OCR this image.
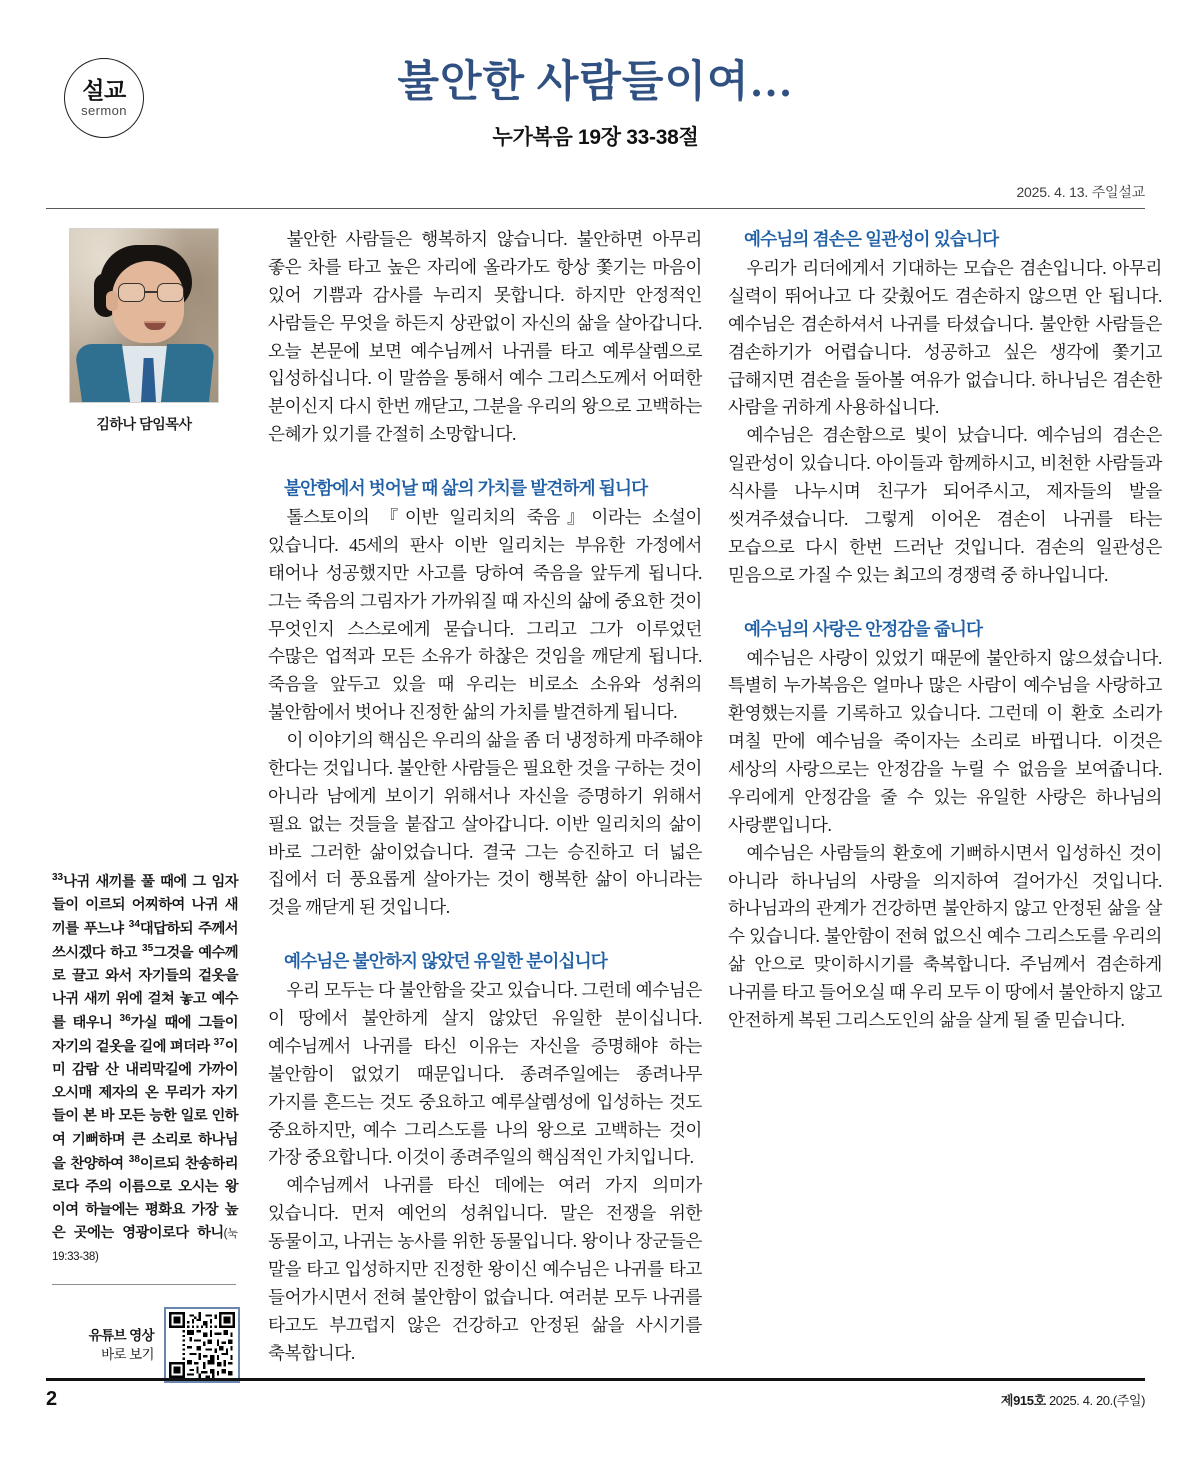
설교
sermon
불안한 사람들이여…
누가복음 19장 33-38절
2025. 4. 13. 주일설교
김하나 담임목사
$^{33}$나귀 새끼를 풀 때에 그 임자들이 이르되 어찌하여 나귀 새끼를 푸느냐 $^{34}$대답하되 주께서 쓰시겠다 하고 $^{35}$그것을 예수께로 끌고 와서 자기들의 겉옷을 나귀 새끼 위에 걸쳐 놓고 예수를 태우니 $^{36}$가실 때에 그들이 자기의 겉옷을 길에 펴더라 $^{37}$이미 감람 산 내리막길에 가까이 오시매 제자의 온 무리가 자기들이 본 바 모든 능한 일로 인하여 기뻐하며 큰 소리로 하나님을 찬양하여 $^{38}$이르되 찬송하리로다 주의 이름으로 오시는 왕이여 하늘에는 평화요 가장 높은 곳에는 영광이로다 하니(눅 19:33-38)
유튜브 영상
바로 보기

불안한 사람들은 행복하지 않습니다. 불안하면 아무리 좋은 차를 타고 높은 자리에 올라가도 항상 쫓기는 마음이 있어 기쁨과 감사를 누리지 못합니다. 하지만 안정적인 사람들은 무엇을 하든지 상관없이 자신의 삶을 살아갑니다. 오늘 본문에 보면 예수님께서 나귀를 타고 예루살렘으로 입성하십니다. 이 말씀을 통해서 예수 그리스도께서 어떠한 분이신지 다시 한번 깨닫고, 그분을 우리의 왕으로 고백하는 은혜가 있기를 간절히 소망합니다.

불안함에서 벗어날 때 삶의 가치를 발견하게 됩니다

톨스토이의 『이반 일리치의 죽음』이라는 소설이 있습니다. 45세의 판사 이반 일리치는 부유한 가정에서 태어나 성공했지만 사고를 당하여 죽음을 앞두게 됩니다. 그는 죽음의 그림자가 가까워질 때 자신의 삶에 중요한 것이 무엇인지 스스로에게 묻습니다. 그리고 그가 이루었던 수많은 업적과 모든 소유가 하찮은 것임을 깨닫게 됩니다. 죽음을 앞두고 있을 때 우리는 비로소 소유와 성취의 불안함에서 벗어나 진정한 삶의 가치를 발견하게 됩니다.

이 이야기의 핵심은 우리의 삶을 좀 더 냉정하게 마주해야 한다는 것입니다. 불안한 사람들은 필요한 것을 구하는 것이 아니라 남에게 보이기 위해서나 자신을 증명하기 위해서 필요 없는 것들을 붙잡고 살아갑니다. 이반 일리치의 삶이 바로 그러한 삶이었습니다. 결국 그는 승진하고 더 넓은 집에서 더 풍요롭게 살아가는 것이 행복한 삶이 아니라는 것을 깨닫게 된 것입니다.

예수님은 불안하지 않았던 유일한 분이십니다

우리 모두는 다 불안함을 갖고 있습니다. 그런데 예수님은 이 땅에서 불안하게 살지 않았던 유일한 분이십니다. 예수님께서 나귀를 타신 이유는 자신을 증명해야 하는 불안함이 없었기 때문입니다. 종려주일에는 종려나무 가지를 흔드는 것도 중요하고 예루살렘성에 입성하는 것도 중요하지만, 예수 그리스도를 나의 왕으로 고백하는 것이 가장 중요합니다. 이것이 종려주일의 핵심적인 가치입니다.

예수님께서 나귀를 타신 데에는 여러 가지 의미가 있습니다. 먼저 예언의 성취입니다. 말은 전쟁을 위한 동물이고, 나귀는 농사를 위한 동물입니다. 왕이나 장군들은 말을 타고 입성하지만 진정한 왕이신 예수님은 나귀를 타고 들어가시면서 전혀 불안함이 없습니다. 여러분 모두 나귀를 타고도 부끄럽지 않은 건강하고 안정된 삶을 사시기를 축복합니다.

예수님의 겸손은 일관성이 있습니다

우리가 리더에게서 기대하는 모습은 겸손입니다. 아무리 실력이 뛰어나고 다 갖췄어도 겸손하지 않으면 안 됩니다. 예수님은 겸손하셔서 나귀를 타셨습니다. 불안한 사람들은 겸손하기가 어렵습니다. 성공하고 싶은 생각에 쫓기고 급해지면 겸손을 돌아볼 여유가 없습니다. 하나님은 겸손한 사람을 귀하게 사용하십니다.

예수님은 겸손함으로 빛이 났습니다. 예수님의 겸손은 일관성이 있습니다. 아이들과 함께하시고, 비천한 사람들과 식사를 나누시며 친구가 되어주시고, 제자들의 발을 씻겨주셨습니다. 그렇게 이어온 겸손이 나귀를 타는 모습으로 다시 한번 드러난 것입니다. 겸손의 일관성은 믿음으로 가질 수 있는 최고의 경쟁력 중 하나입니다.

예수님의 사랑은 안정감을 줍니다

예수님은 사랑이 있었기 때문에 불안하지 않으셨습니다. 특별히 누가복음은 얼마나 많은 사람이 예수님을 사랑하고 환영했는지를 기록하고 있습니다. 그런데 이 환호 소리가 며칠 만에 예수님을 죽이자는 소리로 바뀝니다. 이것은 세상의 사랑으로는 안정감을 누릴 수 없음을 보여줍니다. 우리에게 안정감을 줄 수 있는 유일한 사랑은 하나님의 사랑뿐입니다.

예수님은 사람들의 환호에 기뻐하시면서 입성하신 것이 아니라 하나님의 사랑을 의지하여 걸어가신 것입니다. 하나님과의 관계가 건강하면 불안하지 않고 안정된 삶을 살 수 있습니다. 불안함이 전혀 없으신 예수 그리스도를 우리의 삶 안으로 맞이하시기를 축복합니다. 주님께서 겸손하게 나귀를 타고 들어오실 때 우리 모두 이 땅에서 불안하지 않고 안전하게 복된 그리스도인의 삶을 살게 될 줄 믿습니다.

2	제915호 2025. 4. 20.(주일)
